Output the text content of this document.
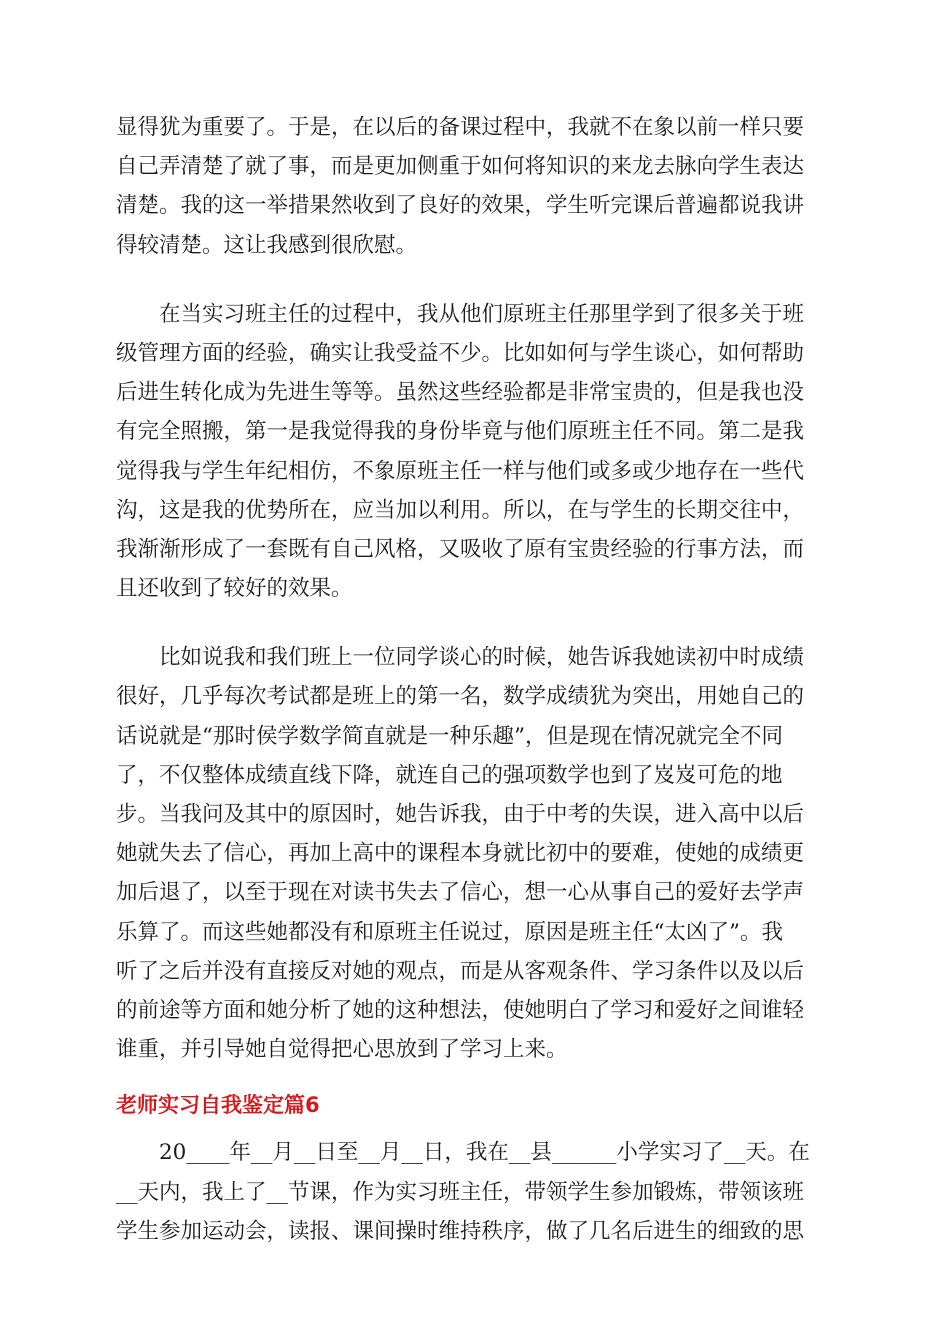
显得犹为重要了。于是，在以后的备课过程中，我就不在象以前一样只要
自己弄清楚了就了事，而是更加侧重于如何将知识的来龙去脉向学生表达
清楚。我的这一举措果然收到了良好的效果，学生听完课后普遍都说我讲
得较清楚。这让我感到很欣慰。
在当实习班主任的过程中，我从他们原班主任那里学到了很多关于班
级管理方面的经验，确实让我受益不少。比如如何与学生谈心，如何帮助
后进生转化成为先进生等等。虽然这些经验都是非常宝贵的，但是我也没
有完全照搬，第一是我觉得我的身份毕竟与他们原班主任不同。第二是我
觉得我与学生年纪相仿，不象原班主任一样与他们或多或少地存在一些代
沟，这是我的优势所在，应当加以利用。所以，在与学生的长期交往中，
我渐渐形成了一套既有自己风格，又吸收了原有宝贵经验的行事方法，而
且还收到了较好的效果。
比如说我和我们班上一位同学谈心的时候，她告诉我她读初中时成绩
很好，几乎每次考试都是班上的第一名，数学成绩犹为突出，用她自己的
话说就是“那时侯学数学简直就是一种乐趣”，但是现在情况就完全不同
了，不仅整体成绩直线下降，就连自己的强项数学也到了岌岌可危的地
步。当我问及其中的原因时，她告诉我，由于中考的失误，进入高中以后
她就失去了信心，再加上高中的课程本身就比初中的要难，使她的成绩更
加后退了，以至于现在对读书失去了信心，想一心从事自己的爱好去学声
乐算了。而这些她都没有和原班主任说过，原因是班主任“太凶了”。我
听了之后并没有直接反对她的观点，而是从客观条件、学习条件以及以后
的前途等方面和她分析了她的这种想法，使她明白了学习和爱好之间谁轻
谁重，并引导她自觉得把心思放到了学习上来。
老师实习自我鉴定篇6
20____年__月__日至__月__日，我在__县______小学实习了__天。在
__天内，我上了__节课，作为实习班主任，带领学生参加锻炼，带领该班
学生参加运动会，读报、课间操时维持秩序，做了几名后进生的细致的思
